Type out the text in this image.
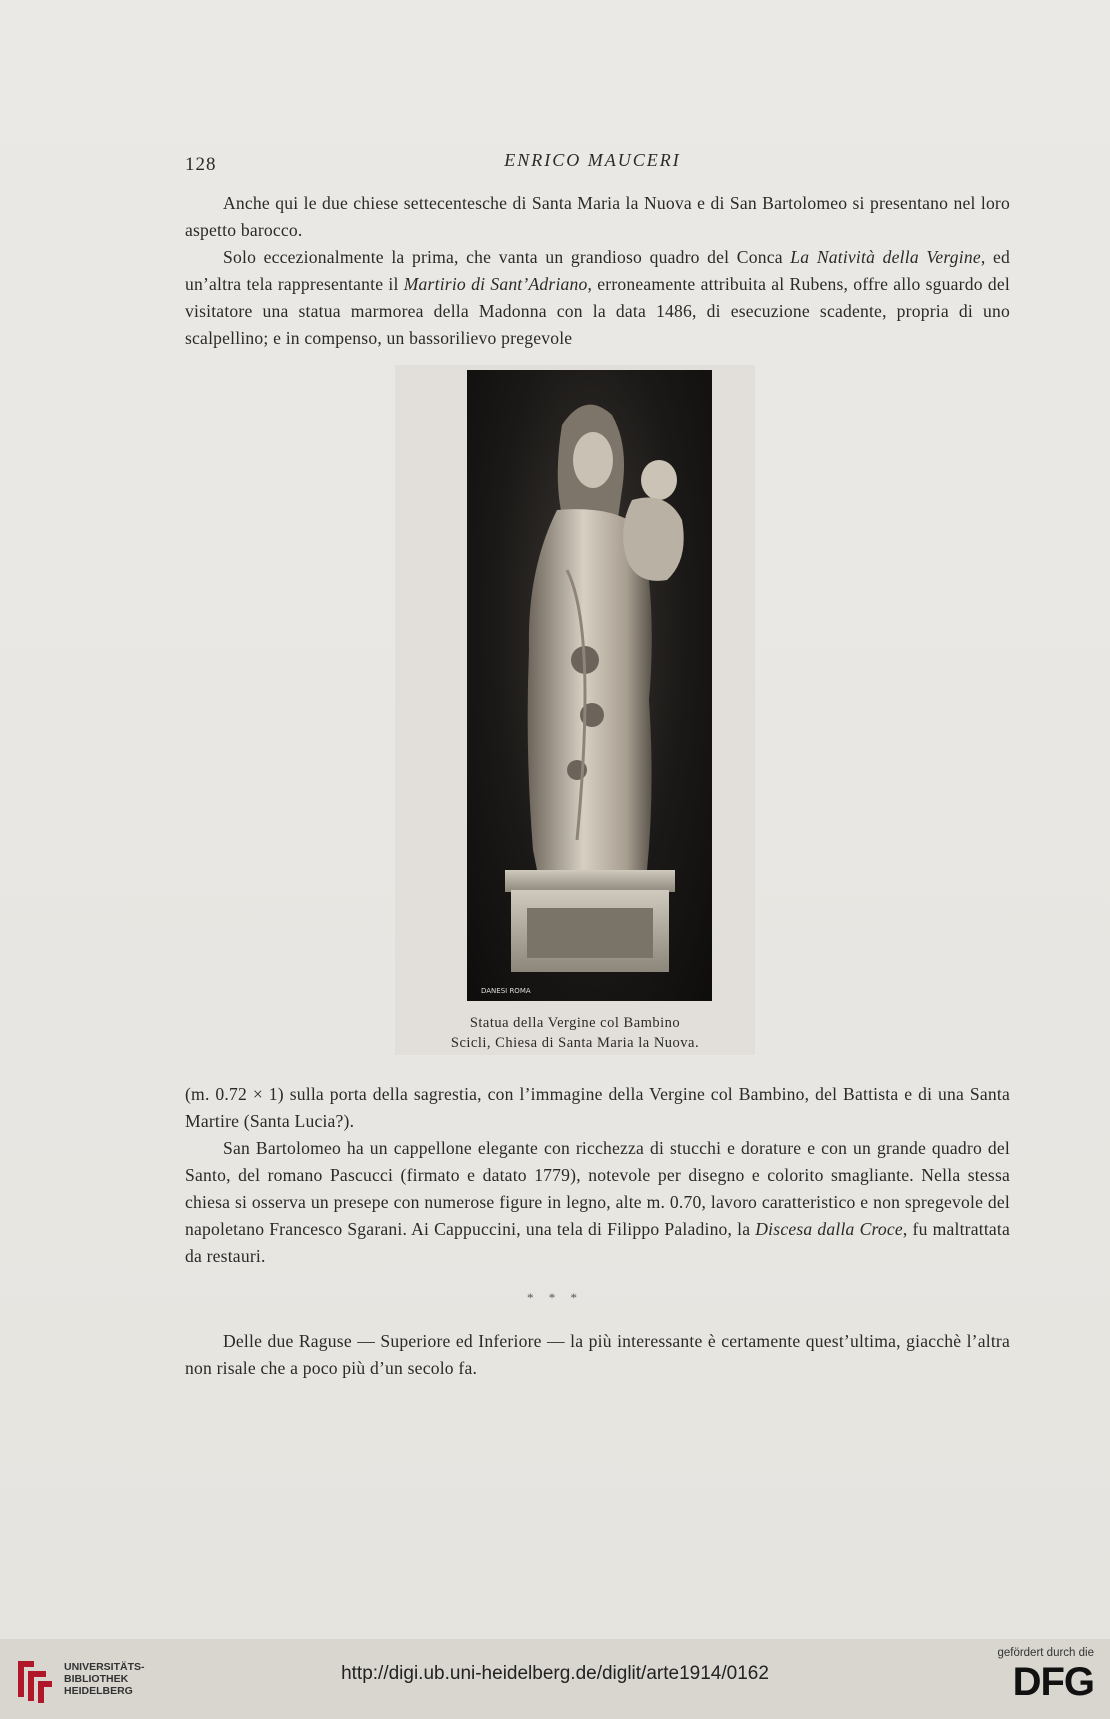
128	ENRICO MAUCERI

Anche qui le due chiese settecentesche di Santa Maria la Nuova e di San Bartolomeo si presentano nel loro aspetto barocco.

Solo eccezionalmente la prima, che vanta un grandioso quadro del Conca La Natività della Vergine, ed un’altra tela rappresentante il Martirio di Sant’Adriano, erroneamente attribuita al Rubens, offre allo sguardo del visitatore una statua marmorea della Madonna con la data 1486, di esecuzione scadente, propria di uno scalpellino; e in compenso, un bassorilievo pregevole

DANESI ROMA
Statua della Vergine col Bambino
Scicli, Chiesa di Santa Maria la Nuova.

(m. 0.72 × 1) sulla porta della sagrestia, con l’immagine della Vergine col Bambino, del Battista e di una Santa Martire (Santa Lucia?).

San Bartolomeo ha un cappellone elegante con ricchezza di stucchi e dorature e con un grande quadro del Santo, del romano Pascucci (firmato e datato 1779), notevole per disegno e colorito smagliante. Nella stessa chiesa si osserva un presepe con numerose figure in legno, alte m. 0.70, lavoro caratteristico e non spregevole del napoletano Francesco Sgarani. Ai Cappuccini, una tela di Filippo Paladino, la Discesa dalla Croce, fu maltrattata da restauri.

* * *

Delle due Raguse — Superiore ed Inferiore — la più interessante è certamente quest’ultima, giacchè l’altra non risale che a poco più d’un secolo fa.

UNIVERSITÄTS-
BIBLIOTHEK
HEIDELBERG
http://digi.ub.uni-heidelberg.de/diglit/arte1914/0162
gefördert durch die
DFG
